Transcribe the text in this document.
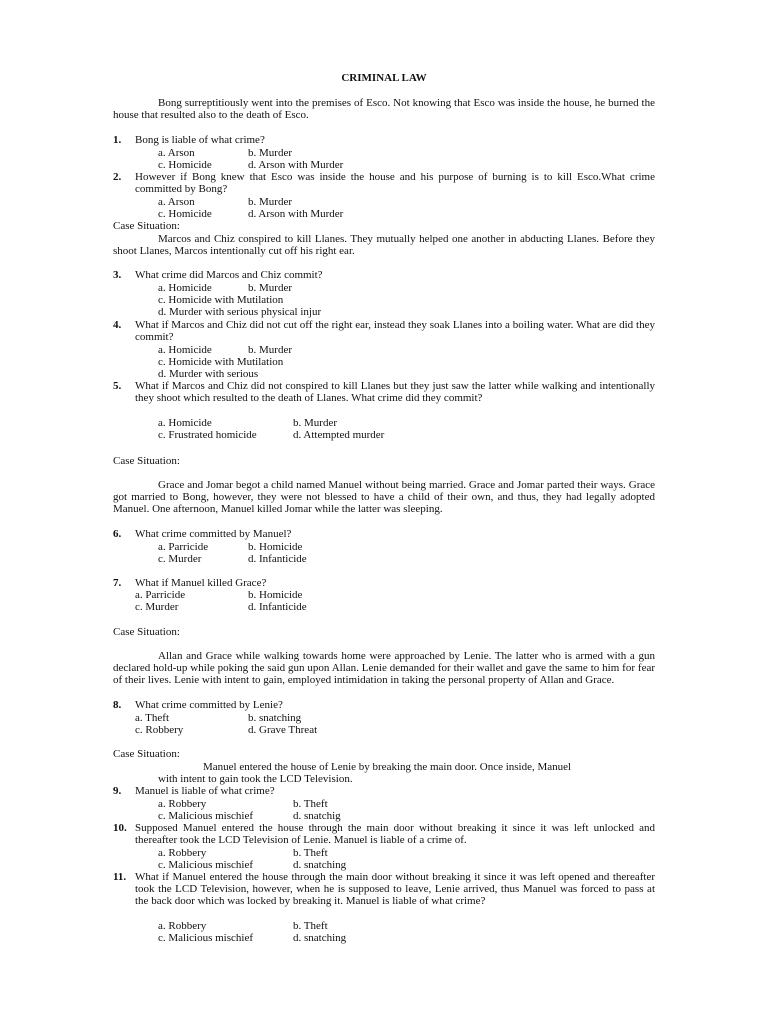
CRIMINAL LAW
Bong surreptitiously went into the premises of Esco. Not knowing that Esco was inside the house, he burned the house that resulted also to the death of Esco.
1. Bong is liable of what crime?
a. Arson	b. Murder
c. Homicide	d. Arson with Murder
2. However if Bong knew that Esco was inside the house and his purpose of burning is to kill Esco.What crime committed by Bong?
a. Arson	b. Murder
c. Homicide	d. Arson with Murder
Case Situation:
Marcos and Chiz conspired to kill Llanes. They mutually helped one another in abducting Llanes. Before they shoot Llanes, Marcos intentionally cut off his right ear.
3. What crime did Marcos and Chiz commit?
a. Homicide	b. Murder
c. Homicide with Mutilation
d. Murder with serious physical injur
4. What if Marcos and Chiz did not cut off the right ear, instead they soak Llanes into a boiling water. What are did they commit?
a. Homicide	b. Murder
c. Homicide with Mutilation
d. Murder with serious
5. What if Marcos and Chiz did not conspired to kill Llanes but they just saw the latter while walking and intentionally they shoot which resulted to the death of Llanes. What crime did they commit?
a. Homicide	b. Murder
c. Frustrated homicide	d. Attempted murder
Case Situation:
Grace and Jomar begot a child named Manuel without being married. Grace and Jomar parted their ways. Grace got married to Bong, however, they were not blessed to have a child of their own, and thus, they had legally adopted Manuel. One afternoon, Manuel killed Jomar while the latter was sleeping.
6. What crime committed by Manuel?
a. Parricide	b. Homicide
c. Murder	d. Infanticide
7. What if Manuel killed Grace?
a. Parricide	b. Homicide
c. Murder	d. Infanticide
Case Situation:
Allan and Grace while walking towards home were approached by Lenie. The latter who is armed with a gun declared hold-up while poking the said gun upon Allan. Lenie demanded for their wallet and gave the same to him for fear of their lives. Lenie with intent to gain, employed intimidation in taking the personal property of Allan and Grace.
8. What crime committed by Lenie?
a. Theft	b. snatching
c. Robbery	d. Grave Threat
Case Situation:
Manuel entered the house of Lenie by breaking the main door. Once inside, Manuel
with intent to gain took the LCD Television.
9. Manuel is liable of what crime?
a. Robbery	b. Theft
c. Malicious mischief	d. snatchig
10. Supposed Manuel entered the house through the main door without breaking it since it was left unlocked and thereafter took the LCD Television of Lenie. Manuel is liable of a crime of.
a. Robbery	b. Theft
c. Malicious mischief	d. snatching
11. What if Manuel entered the house through the main door without breaking it since it was left opened and thereafter took the LCD Television, however, when he is supposed to leave, Lenie arrived, thus Manuel was forced to pass at the back door which was locked by breaking it. Manuel is liable of what crime?
a. Robbery	b. Theft
c. Malicious mischief	d. snatching
